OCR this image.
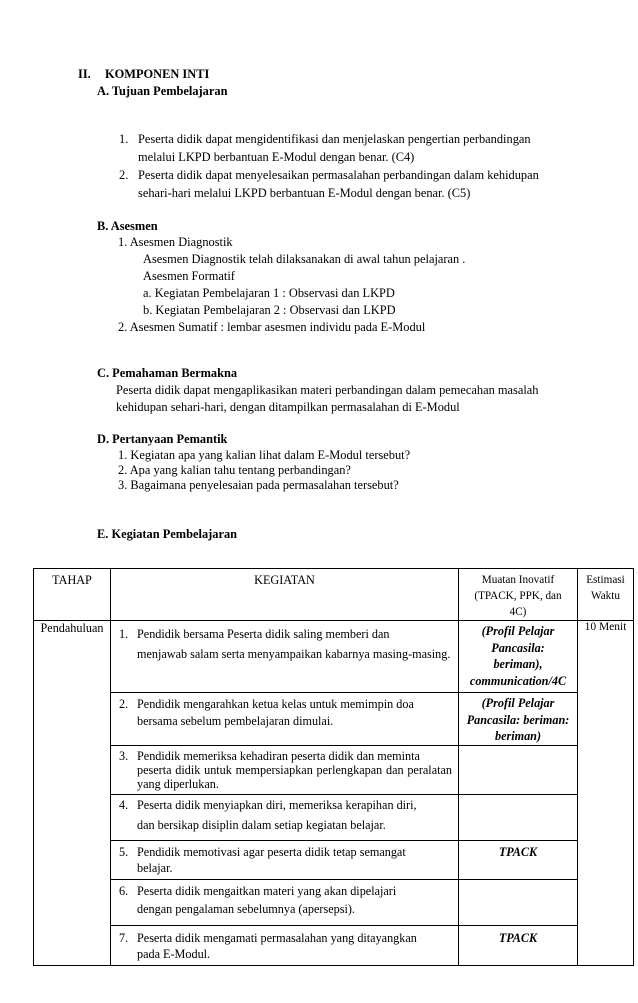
II. KOMPONEN INTI
A. Tujuan Pembelajaran
1. Peserta didik dapat mengidentifikasi dan menjelaskan pengertian perbandingan
melalui LKPD berbantuan E-Modul dengan benar. (C4)
2. Peserta didik dapat menyelesaikan permasalahan perbandingan dalam kehidupan
sehari-hari melalui LKPD berbantuan E-Modul dengan benar. (C5)
B. Asesmen
1. Asesmen Diagnostik
Asesmen Diagnostik telah dilaksanakan di awal tahun pelajaran .
Asesmen Formatif
a. Kegiatan Pembelajaran 1 : Observasi dan LKPD
b. Kegiatan Pembelajaran 2 : Observasi dan LKPD
2. Asesmen Sumatif : lembar asesmen individu pada E-Modul
C. Pemahaman Bermakna
Peserta didik dapat mengaplikasikan materi perbandingan dalam pemecahan masalah
kehidupan sehari-hari, dengan ditampilkan permasalahan di E-Modul
D. Pertanyaan Pemantik
1. Kegiatan apa yang kalian lihat dalam E-Modul tersebut?
2. Apa yang kalian tahu tentang perbandingan?
3. Bagaimana penyelesaian pada permasalahan tersebut?
E. Kegiatan Pembelajaran
TAHAP	KEGIATAN	Muatan Inovatif (TPACK, PPK, dan 4C)	Estimasi Waktu
Pendahuluan	1. Pendidik bersama Peserta didik saling memberi dan
menjawab salam serta menyampaikan kabarnya masing-masing.	(Profil Pelajar Pancasila: beriman), communication/4C	10 Menit

	2. Pendidik mengarahkan ketua kelas untuk memimpin doa
bersama sebelum pembelajaran dimulai.	(Profil Pelajar Pancasila: beriman: beriman)	

	3. Pendidik memeriksa kehadiran peserta didik dan meminta
peserta didik untuk mempersiapkan perlengkapan dan peralatan yang diperlukan.		

	4. Peserta didik menyiapkan diri, memeriksa kerapihan diri,
dan bersikap disiplin dalam setiap kegiatan belajar.		

	5. Pendidik memotivasi agar peserta didik tetap semangat
belajar.	TPACK	

	6. Peserta didik mengaitkan materi yang akan dipelajari
dengan pengalaman sebelumnya (apersepsi).		

	7. Peserta didik mengamati permasalahan yang ditayangkan
pada E-Modul.	TPACK	
